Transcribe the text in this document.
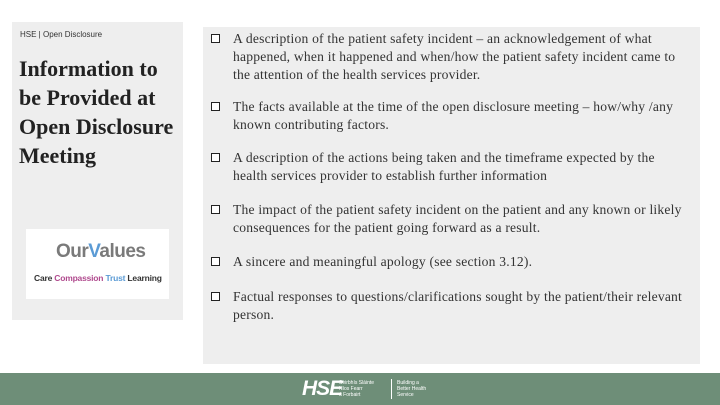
HSE | Open Disclosure
Information to be Provided at Open Disclosure Meeting
OurValues
Care Compassion Trust Learning
A description of the patient safety incident – an acknowledgement of what happened, when it happened and when/how the patient safety incident came to the attention of the health services provider.
The facts available at the time of the open disclosure meeting – how/why /any known contributing factors.
A description of the actions being taken and the timeframe expected by the health services provider to establish further information
The impact of the patient safety incident on the patient and any known or likely consequences for the patient going forward as a result.
A sincere and meaningful apology (see section 3.12).
Factual responses to questions/clarifications sought by the patient/their relevant person.
HSE
Seirbhís Sláinte
Níos Fearr
á Forbairt
Building a
Better Health
Service
